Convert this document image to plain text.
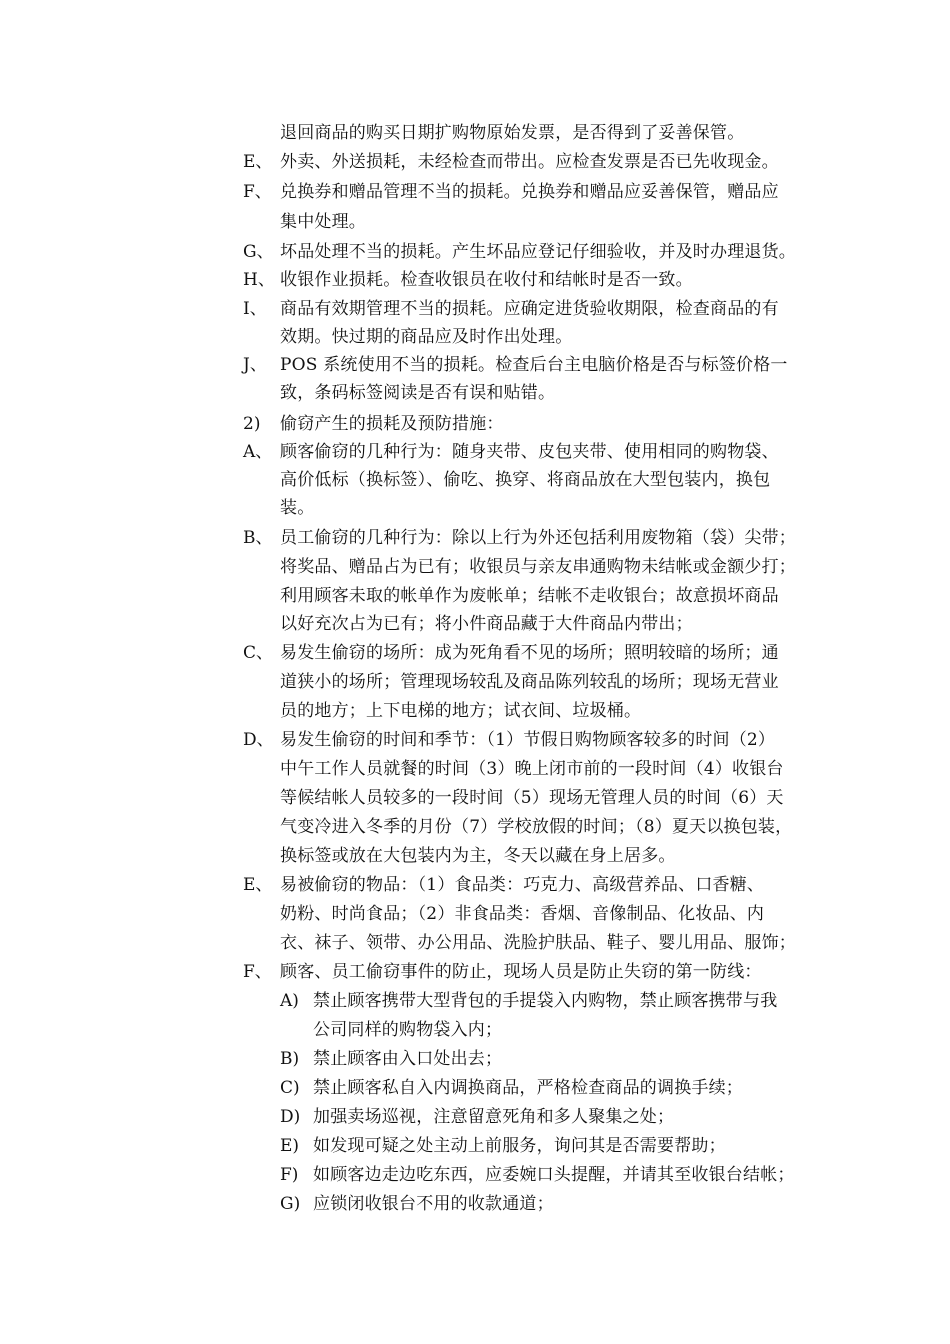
退回商品的购买日期扩购物原始发票，是否得到了妥善保管。
E、 外卖、外送损耗，未经检查而带出。应检查发票是否已先收现金。
F、 兑换券和赠品管理不当的损耗。兑换券和赠品应妥善保管，赠品应
集中处理。
G、 坏品处理不当的损耗。产生坏品应登记仔细验收，并及时办理退货。
H、 收银作业损耗。检查收银员在收付和结帐时是否一致。
I、 商品有效期管理不当的损耗。应确定进货验收期限，检查商品的有
效期。快过期的商品应及时作出处理。
J、 POS 系统使用不当的损耗。检查后台主电脑价格是否与标签价格一
致，条码标签阅读是否有误和贴错。
2) 偷窃产生的损耗及预防措施：
A、 顾客偷窃的几种行为：随身夹带、皮包夹带、使用相同的购物袋、
高价低标（换标签）、偷吃、换穿、将商品放在大型包装内，换包
装。
B、 员工偷窃的几种行为：除以上行为外还包括利用废物箱（袋）尖带；
将奖品、赠品占为已有；收银员与亲友串通购物未结帐或金额少打；
利用顾客未取的帐单作为废帐单；结帐不走收银台；故意损坏商品
以好充次占为已有；将小件商品藏于大件商品内带出；
C、 易发生偷窃的场所：成为死角看不见的场所；照明较暗的场所；通
道狭小的场所；管理现场较乱及商品陈列较乱的场所；现场无营业
员的地方；上下电梯的地方；试衣间、垃圾桶。
D、 易发生偷窃的时间和季节：（1）节假日购物顾客较多的时间（2）
中午工作人员就餐的时间（3）晚上闭市前的一段时间（4）收银台
等候结帐人员较多的一段时间（5）现场无管理人员的时间（6）天
气变冷进入冬季的月份（7）学校放假的时间；（8）夏天以换包装，
换标签或放在大包装内为主，冬天以藏在身上居多。
E、 易被偷窃的物品：（1）食品类：巧克力、高级营养品、口香糖、
奶粉、时尚食品；（2）非食品类：香烟、音像制品、化妆品、内
衣、袜子、领带、办公用品、洗脸护肤品、鞋子、婴儿用品、服饰；
F、 顾客、员工偷窃事件的防止，现场人员是防止失窃的第一防线：
A) 禁止顾客携带大型背包的手提袋入内购物，禁止顾客携带与我
公司同样的购物袋入内；
B) 禁止顾客由入口处出去；
C) 禁止顾客私自入内调换商品，严格检查商品的调换手续；
D) 加强卖场巡视，注意留意死角和多人聚集之处；
E) 如发现可疑之处主动上前服务，询问其是否需要帮助；
F) 如顾客边走边吃东西，应委婉口头提醒，并请其至收银台结帐；
G) 应锁闭收银台不用的收款通道；
